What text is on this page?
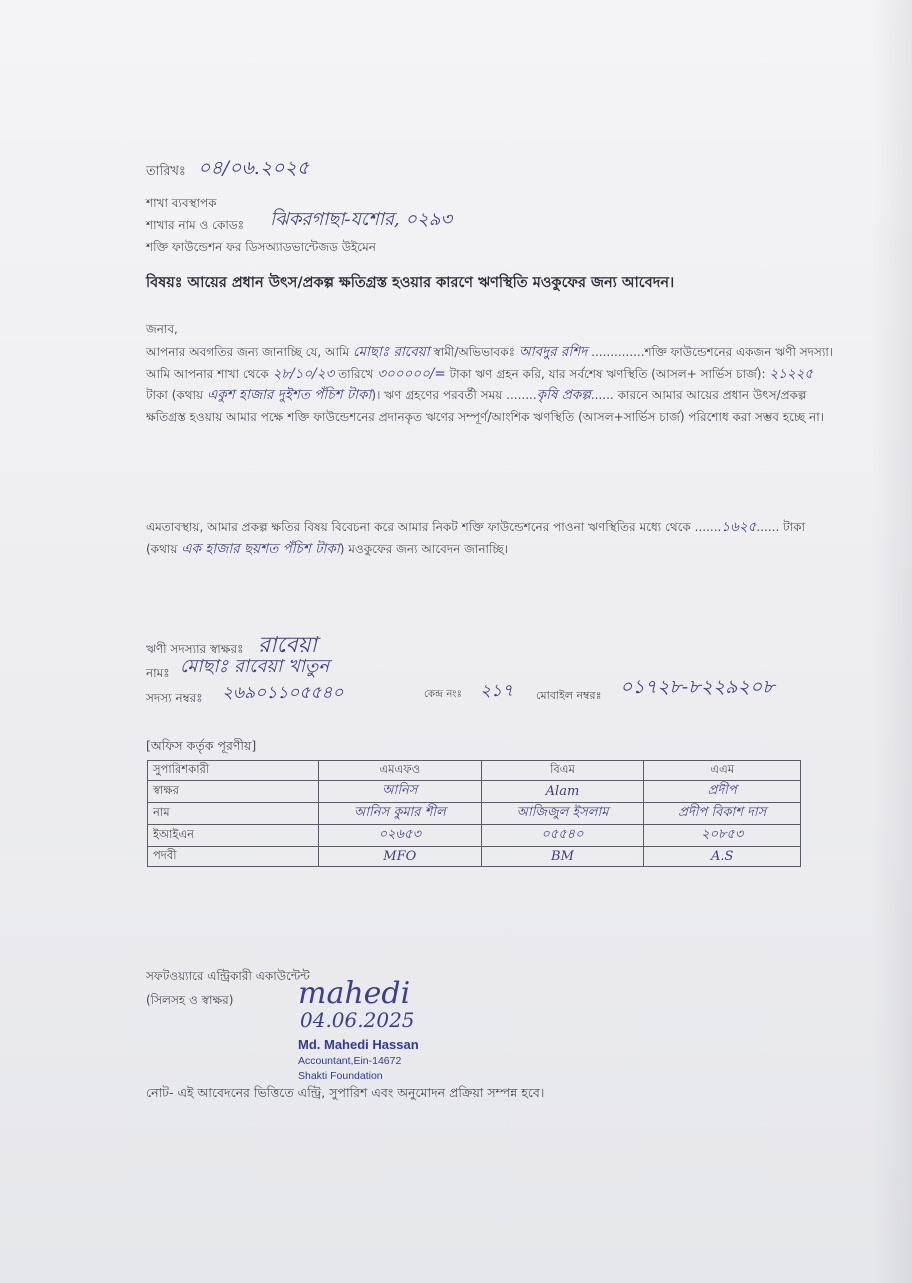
তারিখঃ ০৪/০৬.২০২৫
শাখা ব্যবস্থাপক
শাখার নাম ও কোডঃ ঝিকরগাছা-যশোর, ০২৯৩
শক্তি ফাউন্ডেশন ফর ডিসঅ্যাডভান্টেজড উইমেন
বিষয়ঃ আয়ের প্রধান উৎস/প্রকল্প ক্ষতিগ্রস্ত হওয়ার কারণে ঋণস্থিতি মওকুফের জন্য আবেদন।
জনাব,
আপনার অবগতির জন্য জানাচ্ছি যে, আমি মোছাঃ রাবেয়া স্বামী/অভিভাবকঃ আবদুর রশিদ ..............শক্তি ফাউন্ডেশনের একজন ঋণী সদস্যা। আমি আপনার শাখা থেকে ২৮/১০/২৩ তারিখে ৩০০০০০/= টাকা ঋণ গ্রহন করি, যার সর্বশেষ ঋণস্থিতি (আসল+ সার্ভিস চার্জ): ২১২২৫ টাকা (কথায় একুশ হাজার দুইশত পঁচিশ টাকা)। ঋণ গ্রহণের পরবর্তী সময় ........কৃষি প্রকল্প...... কারনে আমার আয়ের প্রধান উৎস/প্রকল্প ক্ষতিগ্রস্ত হওয়ায় আমার পক্ষে শক্তি ফাউন্ডেশনের প্রদানকৃত ঋণের সম্পূর্ণ/আংশিক ঋণস্থিতি (আসল+সার্ভিস চার্জ) পরিশোধ করা সম্ভব হচ্ছে না।
এমতাবস্থায়, আমার প্রকল্প ক্ষতির বিষয় বিবেচনা করে আমার নিকট শক্তি ফাউন্ডেশনের পাওনা ঋণস্থিতির মধ্যে থেকে .......১৬২৫...... টাকা (কথায় এক হাজার ছয়শত পঁচিশ টাকা) মওকুফের জন্য আবেদন জানাচ্ছি।
ঋণী সদস্যার স্বাক্ষরঃ রাবেয়া
নামঃ মোছাঃ রাবেয়া খাতুন
সদস্য নম্বরঃ ২৬৯০১১০৫৫৪০	কেন্দ্র নংঃ ২১৭ মোবাইল নম্বরঃ ০১৭২৮-৮২২৯২০৮
[অফিস কর্তৃক পূরণীয়]
সুপারিশকারী	এমএফও	বিএম	এএম
স্বাক্ষর	আনিস	Alam	প্রদীপ
নাম	আনিস কুমার শীল	আজিজুল ইসলাম	প্রদীপ বিকাশ দাস
ইআইএন	০২৬৫৩	০৫৫৪০	২০৮৫৩
পদবী	MFO	BM	A.S
সফটওয়্যারে এন্ট্রিকারী একাউন্টেন্ট
(সিলসহ ও স্বাক্ষর) mahedi
04.06.2025
Md. Mahedi Hassan
Accountant,Ein-14672
Shakti Foundation
নোট- এই আবেদনের ভিত্তিতে এন্ট্রি, সুপারিশ এবং অনুমোদন প্রক্রিয়া সম্পন্ন হবে।
